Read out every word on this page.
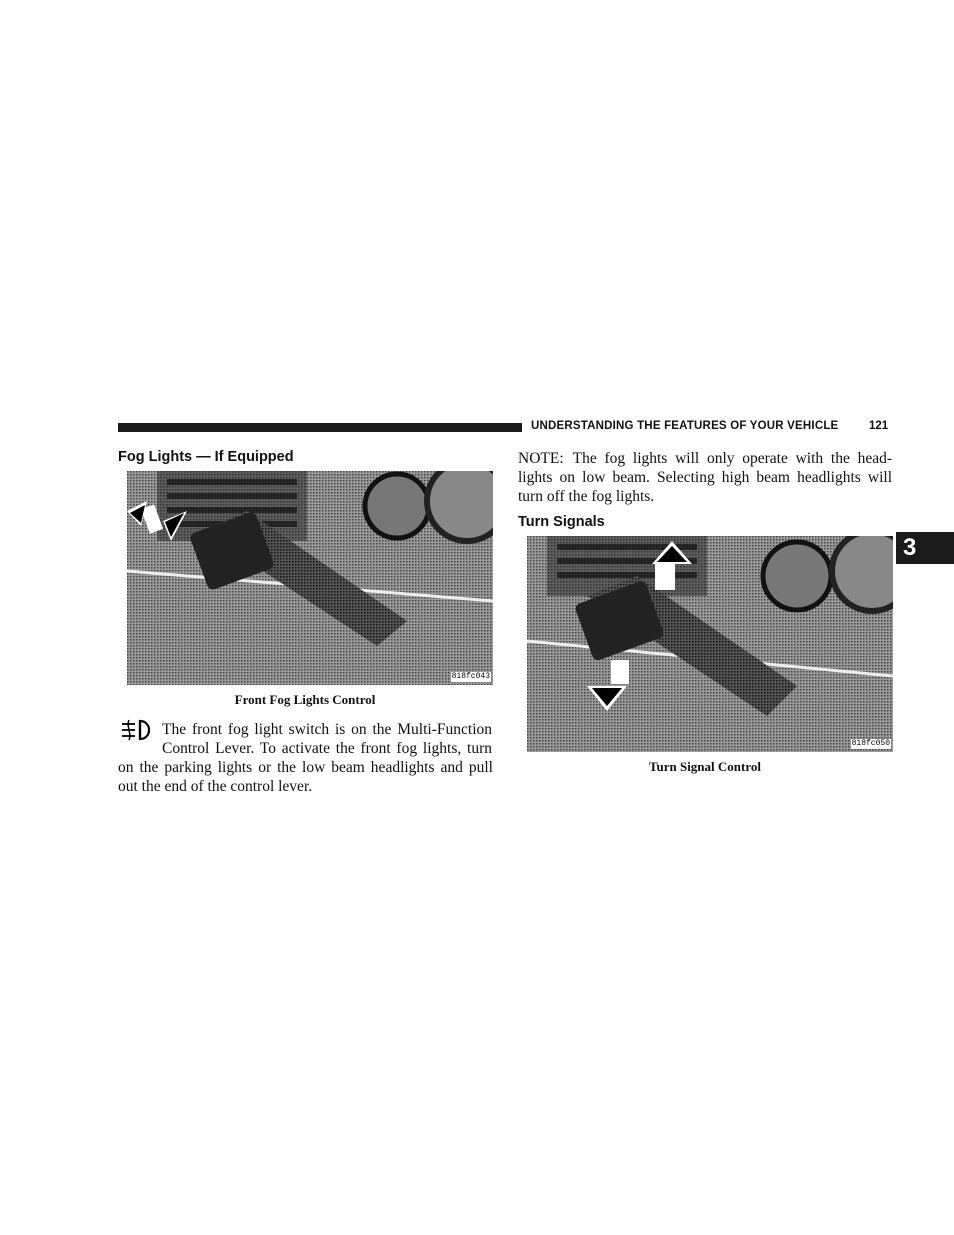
UNDERSTANDING THE FEATURES OF YOUR VEHICLE	121
3
Fog Lights — If Equipped
818fc043
Front Fog Lights Control
The front fog light switch is on the Multi-Function
Control Lever. To activate the front fog lights, turn
on the parking lights or the low beam headlights and pull out the end of the control lever.
NOTE: The fog lights will only operate with the head-lights on low beam. Selecting high beam headlights will turn off the fog lights.
Turn Signals
818fc050
Turn Signal Control
